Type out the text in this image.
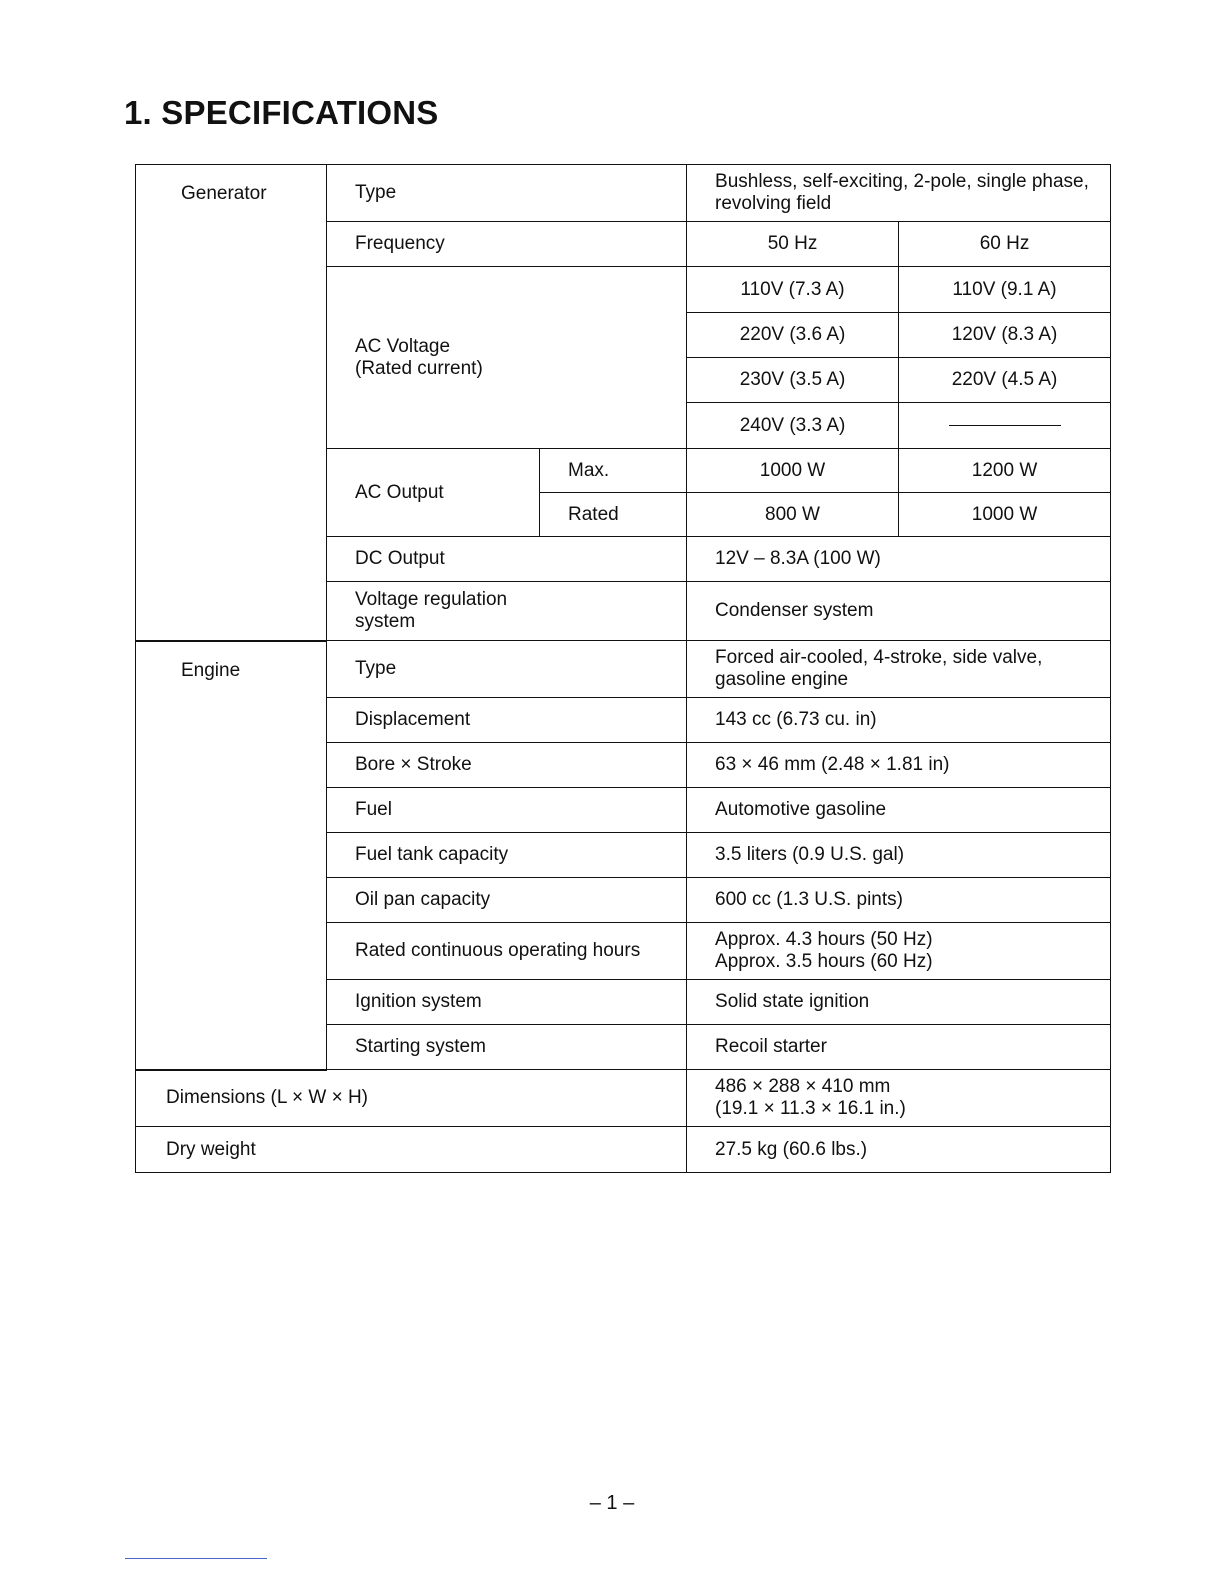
1. SPECIFICATIONS
Generator	Type		Bushless, self-exciting, 2-pole, single phase, revolving field	
	Frequency		50 Hz	60 Hz
	AC Voltage (Rated current)		110V (7.3 A)	110V (9.1 A)
			220V (3.6 A)	120V (8.3 A)
			230V (3.5 A)	220V (4.5 A)
			240V (3.3 A)	
	AC Output	Max.	1000 W	1200 W
		Rated	800 W	1000 W
	DC Output		12V – 8.3A (100 W)	
	Voltage regulation system		Condenser system	
Engine	Type		Forced air-cooled, 4-stroke, side valve, gasoline engine	
	Displacement		143 cc (6.73 cu. in)	
	Bore × Stroke		63 × 46 mm (2.48 × 1.81 in)	
	Fuel		Automotive gasoline	
	Fuel tank capacity		3.5 liters (0.9 U.S. gal)	
	Oil pan capacity		600 cc (1.3 U.S. pints)	
	Rated continuous operating hours		Approx. 4.3 hours (50 Hz)
Approx. 3.5 hours (60 Hz)	

	Ignition system		Solid state ignition	
	Starting system		Recoil starter	
Dimensions (L × W × H)			486 × 288 × 410 mm
(19.1 × 11.3 × 16.1 in.)	

Dry weight			27.5 kg (60.6 lbs.)	
– 1 –
